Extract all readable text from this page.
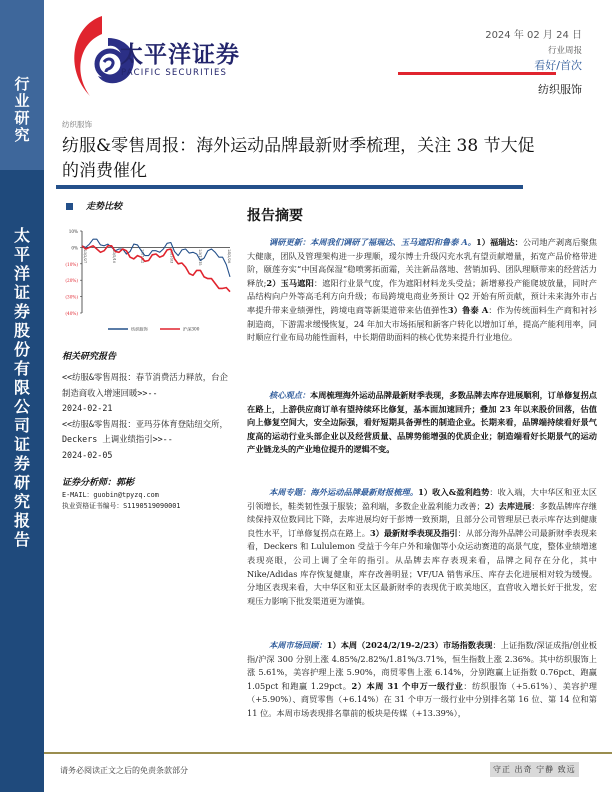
行
业
研
究
太
平
洋
证
券
股
份
有
限
公
司
证
券
研
究
报
告
太平洋证券
PACIFIC SECURITIES
2024 年 02 月 24 日
行业周报
看好/首次
纺织服饰
纺织服饰
纺服&零售周报：海外运动品牌最新财季梳理，关注 38 节大促的消费催化
走势比较
10%
0%
(10%)
(20%)
(30%)
(40%)
23/2/27	23/5/10	23/7/22	23/10/3	23/12/15	24/2/26
纺织服饰	沪深300
相关研究报告
<<纺服&零售周报：春节消费活力释放，台企制造商收入增速回暖>>--
2024-02-21
<<纺服&零售周报：亚玛芬体育登陆纽交所，Deckers 上调业绩指引>>--
2024-02-05
证券分析师：郭彬
E-MAIL：guobin@tpyzq.com
执业资格证书编号：S1190519090001
报告摘要
调研更新：本周我们调研了福瑞达、玉马遮阳和鲁泰 A。1）福瑞达：公司地产剥离后聚焦大健康，团队及管理架构进一步理顺，瑷尔博士升级闪充水乳有望贡献增量，拓宽产品价格带进阶，颐莲夯实“中国高保湿”稳喷雾拓面霜，关注新品落地、营销加码、团队理顺带来的经营活力释放;2）玉马遮阳：遮阳行业景气度，作为遮阳材料龙头受益；新增募投产能爬坡放量，同时产品结构向户外等高毛利方向升级；布局跨境电商业务预计 Q2 开始有所贡献，预计未来海外市占率提升带来业绩弹性，跨境电商等新渠道带来估值弹性3）鲁泰 A：作为传统面料生产商和衬衫制造商，下游需求缓慢恢复，24 年加大市场拓展和新客户转化以增加订单，提高产能利用率，同时顺应行业布局功能性面料，中长期借助面料的核心优势来提升行业地位。
核心观点：本周梳理海外运动品牌最新财季表现，多数品牌去库存进展顺利，订单修复拐点在路上，上游供应商订单有望持续环比修复，基本面加速回升；叠加 23 年以来股价回落，估值向上修复空间大，安全边际强，看好短期具备弹性的制造企业。长期来看，品牌端持续看好景气度高的运动行业头部企业以及经营质量、品牌势能增强的优质企业；制造端看好长期景气的运动产业链龙头的产业地位提升的逻辑不变。
本周专题：海外运动品牌最新财报梳理。1）收入&盈利趋势：收入端，大中华区和亚太区引领增长，鞋类韧性强于服装；盈利端，多数企业盈利能力改善；2）去库进展：多数品牌库存继续保持双位数同比下降，去库进展均好于彭博一致预期，且部分公司管理层已表示库存达到健康良性水平，订单修复拐点在路上。3）最新财季表现及指引：从部分海外品牌公司最新财季表现来看，Deckers 和 Lululemon 受益于今年户外和瑜伽等小众运动赛道的高景气度，整体业绩增速表现亮眼，公司上调了全年的指引。从品牌去库存表现来看，品牌之间存在分化，其中 Nike/Adidas 库存恢复健康，库存改善明显；VF/UA 销售承压、库存去化进展相对较为缓慢。分地区表现来看，大中华区和亚太区最新财季的表现优于欧美地区，直营收入增长好于批发，宏观压力影响下批发渠道更为谨慎。
本周市场回顾：1）本周（2024/2/19-2/23）市场指数表现：上证指数/深证成指/创业板指/沪深 300 分别上涨 4.85%/2.82%/1.81%/3.71%，恒生指数上涨 2.36%。其中纺织服饰上涨 5.61%，美容护理上涨 5.90%，商贸零售上涨 6.14%，分别跑赢上证指数 0.76pct、跑赢 1.05pct 和跑赢 1.29pct。2）本周 31 个申万一级行业：纺织服饰（+5.61%）、美容护理（+5.90%）、商贸零售（+6.14%）在 31 个申万一级行业中分别排名第 16 位、第 14 位和第 11 位。本周市场表现排名靠前的板块是传媒（+13.39%），
请务必阅读正文之后的免责条款部分	守正 出奇 宁静 致远
